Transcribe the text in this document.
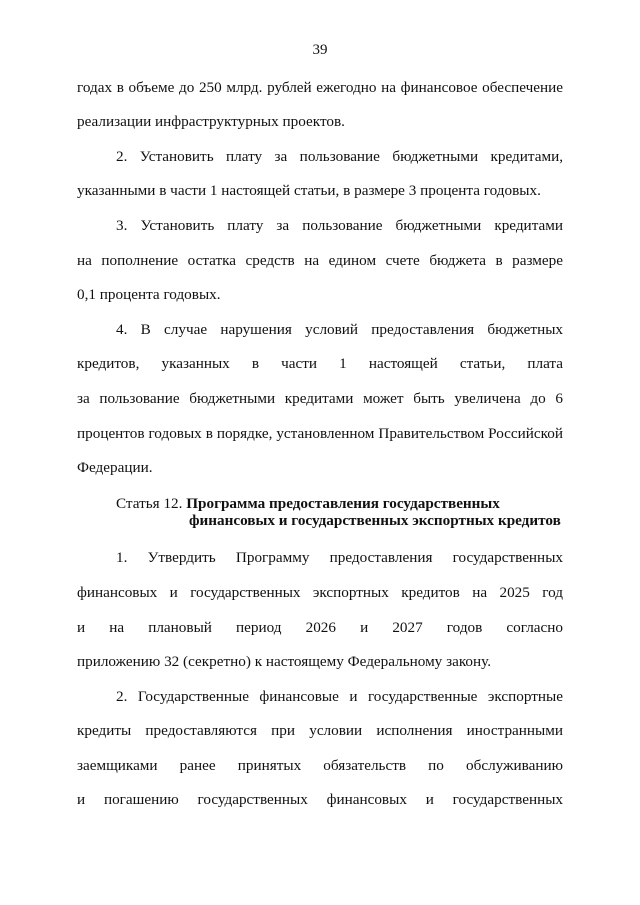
39
годах в объеме до 250 млрд. рублей ежегодно на финансовое обеспечение
реализации инфраструктурных проектов.
2. Установить плату за пользование бюджетными кредитами,
указанными в части 1 настоящей статьи, в размере 3 процента годовых.
3. Установить плату за пользование бюджетными кредитами
на пополнение остатка средств на едином счете бюджета в размере
0,1 процента годовых.
4. В случае нарушения условий предоставления бюджетных
кредитов, указанных в части 1 настоящей статьи, плата
за пользование бюджетными кредитами может быть увеличена до 6
процентов годовых в порядке, установленном Правительством Российской
Федерации.
Статья 12. Программа предоставления государственных
финансовых и государственных экспортных кредитов
1. Утвердить Программу предоставления государственных
финансовых и государственных экспортных кредитов на 2025 год
и на плановый период 2026 и 2027 годов согласно
приложению 32 (секретно) к настоящему Федеральному закону.
2. Государственные финансовые и государственные экспортные
кредиты предоставляются при условии исполнения иностранными
заемщиками ранее принятых обязательств по обслуживанию
и погашению государственных финансовых и государственных
